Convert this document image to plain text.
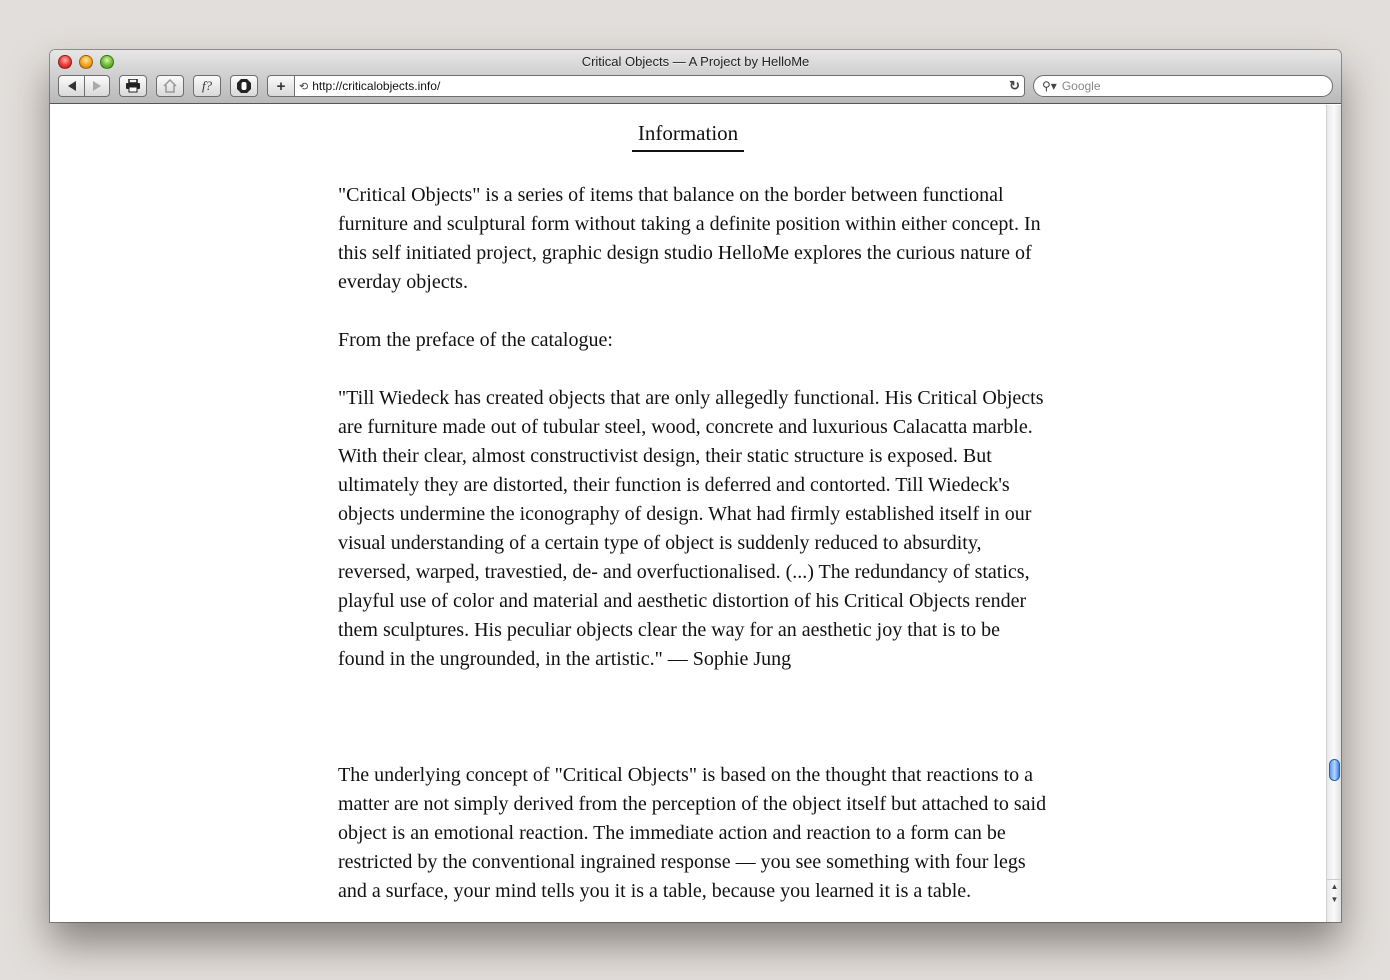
Critical Objects — A Project by HelloMe
f?	+	⟲ http://criticalobjects.info/	↻ ⚲▾ Google
Information

"Critical Objects" is a series of items that balance on the border between functional furniture and sculptural form without taking a definite position within either concept. In this self initiated project, graphic design studio HelloMe explores the curious nature of everday objects.

From the preface of the catalogue:

"Till Wiedeck has created objects that are only allegedly functional. His Critical Objects are furniture made out of tubular steel, wood, concrete and luxurious Calacatta marble. With their clear, almost constructivist design, their static structure is exposed. But ultimately they are distorted, their function is deferred and contorted. Till Wiedeck's objects undermine the iconography of design. What had firmly established itself in our visual understanding of a certain type of object is suddenly reduced to absurdity, reversed, warped, travestied, de- and overfuctionalised. (...) The redundancy of statics, playful use of color and material and aesthetic distortion of his Critical Objects render them sculptures. His peculiar objects clear the way for an aesthetic joy that is to be found in the ungrounded, in the artistic." — Sophie Jung

The underlying concept of "Critical Objects" is based on the thought that reactions to a matter are not simply derived from the perception of the object itself but attached to said object is an emotional reaction. The immediate action and reaction to a form can be restricted by the conventional ingrained response — you see something with four legs and a surface, your mind tells you it is a table, because you learned it is a table.	▲
▼
